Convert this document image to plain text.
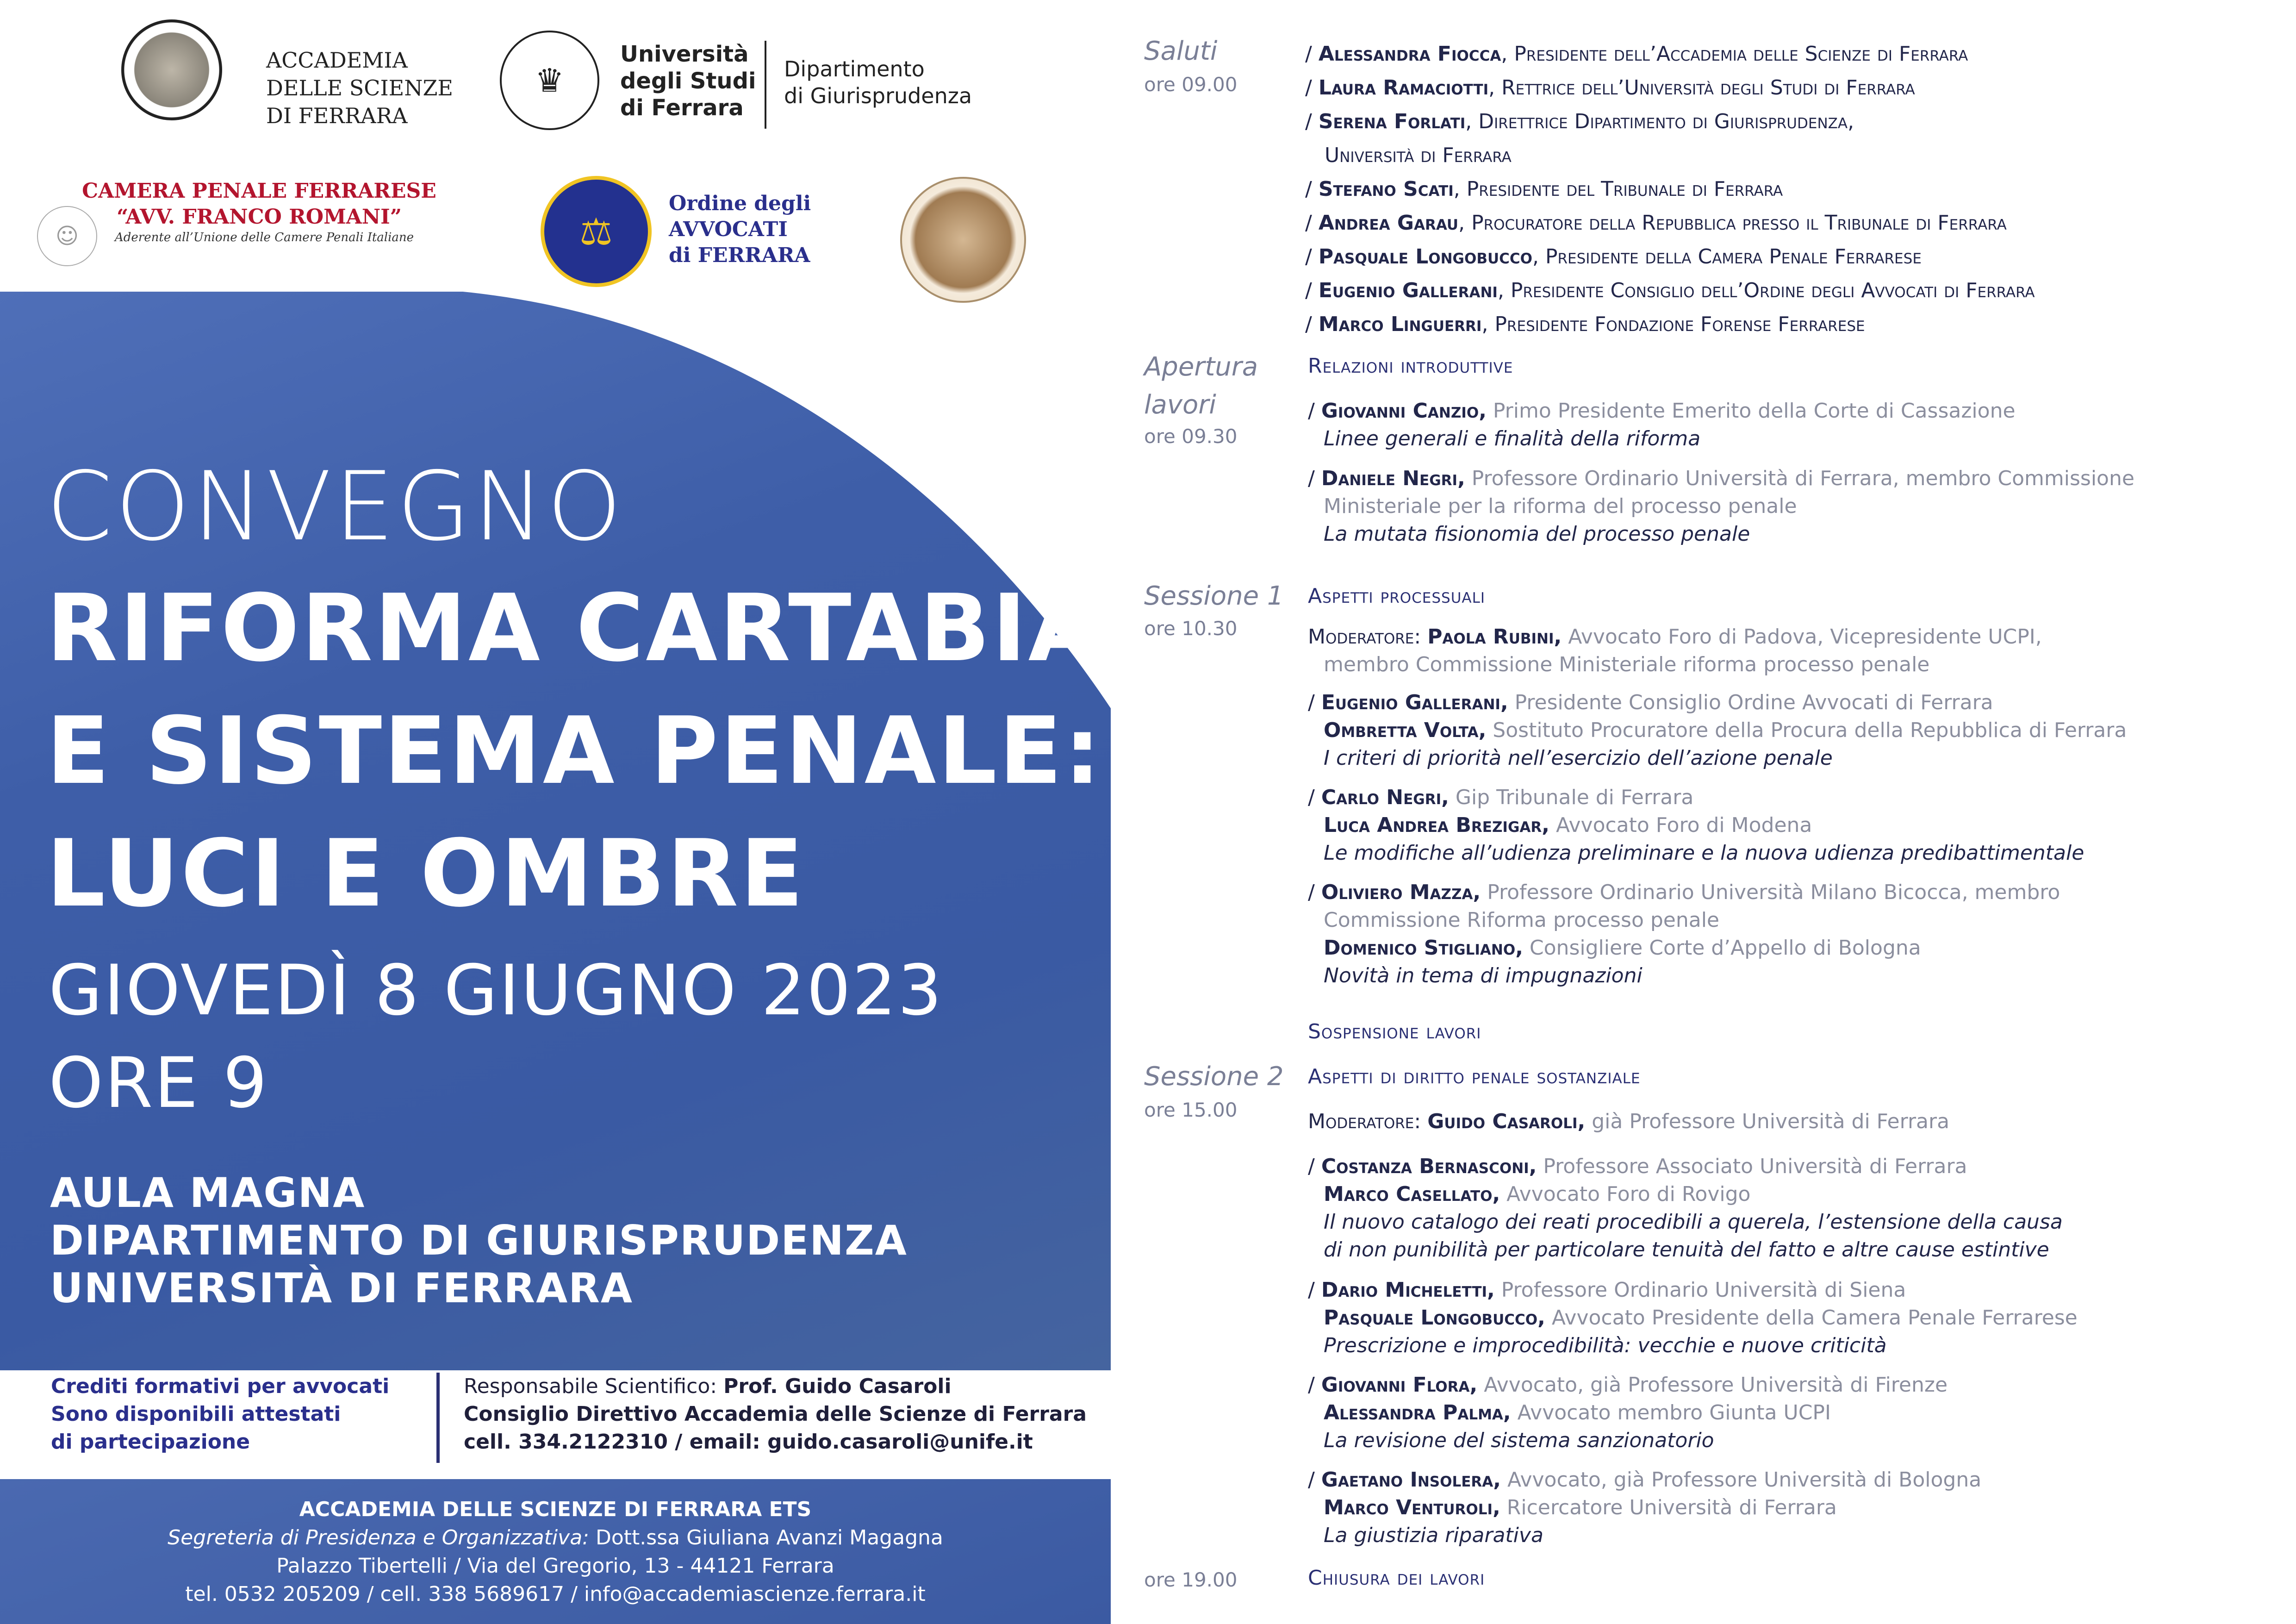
ACCADEMIA
DELLE SCIENZE
DI FERRARA
♛
Università
degli Studi
di Ferrara
Dipartimento
di Giurisprudenza
☺
CAMERA PENALE FERRARESE
“AVV. FRANCO ROMANI”
Aderente all’Unione delle Camere Penali Italiane	⚖
Ordine degli
AVVOCATI
di FERRARA
CONVEGNO
RIFORMA CARTABIA
E SISTEMA PENALE:
LUCI E OMBRE
GIOVEDÌ 8 GIUGNO 2023
ORE 9
AULA MAGNA
DIPARTIMENTO DI GIURISPRUDENZA
UNIVERSITÀ DI FERRARA
Crediti formativi per avvocati
Sono disponibili attestati
di partecipazione
Responsabile Scientifico: Prof. Guido Casaroli
Consiglio Direttivo Accademia delle Scienze di Ferrara
cell. 334.2122310 / email: guido.casaroli@unife.it
ACCADEMIA DELLE SCIENZE DI FERRARA ETS
Segreteria di Presidenza e Organizzativa: Dott.ssa Giuliana Avanzi Magagna
Palazzo Tibertelli / Via del Gregorio, 13 - 44121 Ferrara
tel. 0532 205209 / cell. 338 5689617 / info@accademiascienze.ferrara.it
Saluti
ore 09.00
/ Alessandra Fiocca, Presidente dell’Accademia delle Scienze di Ferrara
/ Laura Ramaciotti, Rettrice dell’Università degli Studi di Ferrara
/ Serena Forlati, Direttrice Dipartimento di Giurisprudenza,
Università di Ferrara
/ Stefano Scati, Presidente del Tribunale di Ferrara
/ Andrea Garau, Procuratore della Repubblica presso il Tribunale di Ferrara
/ Pasquale Longobucco, Presidente della Camera Penale Ferrarese
/ Eugenio Gallerani, Presidente Consiglio dell’Ordine degli Avvocati di Ferrara
/ Marco Linguerri, Presidente Fondazione Forense Ferrarese
Apertura
lavori
ore 09.30
Relazioni introduttive
/ Giovanni Canzio, Primo Presidente Emerito della Corte di Cassazione
Linee generali e finalità della riforma
/ Daniele Negri, Professore Ordinario Università di Ferrara, membro Commissione
Ministeriale per la riforma del processo penale
La mutata fisionomia del processo penale
Sessione 1
ore 10.30
Aspetti processuali
Moderatore: Paola Rubini, Avvocato Foro di Padova, Vicepresidente UCPI,
membro Commissione Ministeriale riforma processo penale
/ Eugenio Gallerani, Presidente Consiglio Ordine Avvocati di Ferrara
Ombretta Volta, Sostituto Procuratore della Procura della Repubblica di Ferrara
I criteri di priorità nell’esercizio dell’azione penale
/ Carlo Negri, Gip Tribunale di Ferrara
Luca Andrea Brezigar, Avvocato Foro di Modena
Le modifiche all’udienza preliminare e la nuova udienza predibattimentale
/ Oliviero Mazza, Professore Ordinario Università Milano Bicocca, membro
Commissione Riforma processo penale
Domenico Stigliano, Consigliere Corte d’Appello di Bologna
Novità in tema di impugnazioni
Sospensione lavori
Sessione 2
ore 15.00
Aspetti di diritto penale sostanziale
Moderatore: Guido Casaroli, già Professore Università di Ferrara
/ Costanza Bernasconi, Professore Associato Università di Ferrara
Marco Casellato, Avvocato Foro di Rovigo
Il nuovo catalogo dei reati procedibili a querela, l’estensione della causa
di non punibilità per particolare tenuità del fatto e altre cause estintive
/ Dario Micheletti, Professore Ordinario Università di Siena
Pasquale Longobucco, Avvocato Presidente della Camera Penale Ferrarese
Prescrizione e improcedibilità: vecchie e nuove criticità
/ Giovanni Flora, Avvocato, già Professore Università di Firenze
Alessandra Palma, Avvocato membro Giunta UCPI
La revisione del sistema sanzionatorio
/ Gaetano Insolera, Avvocato, già Professore Università di Bologna
Marco Venturoli, Ricercatore Università di Ferrara
La giustizia riparativa
ore 19.00	Chiusura dei lavori
